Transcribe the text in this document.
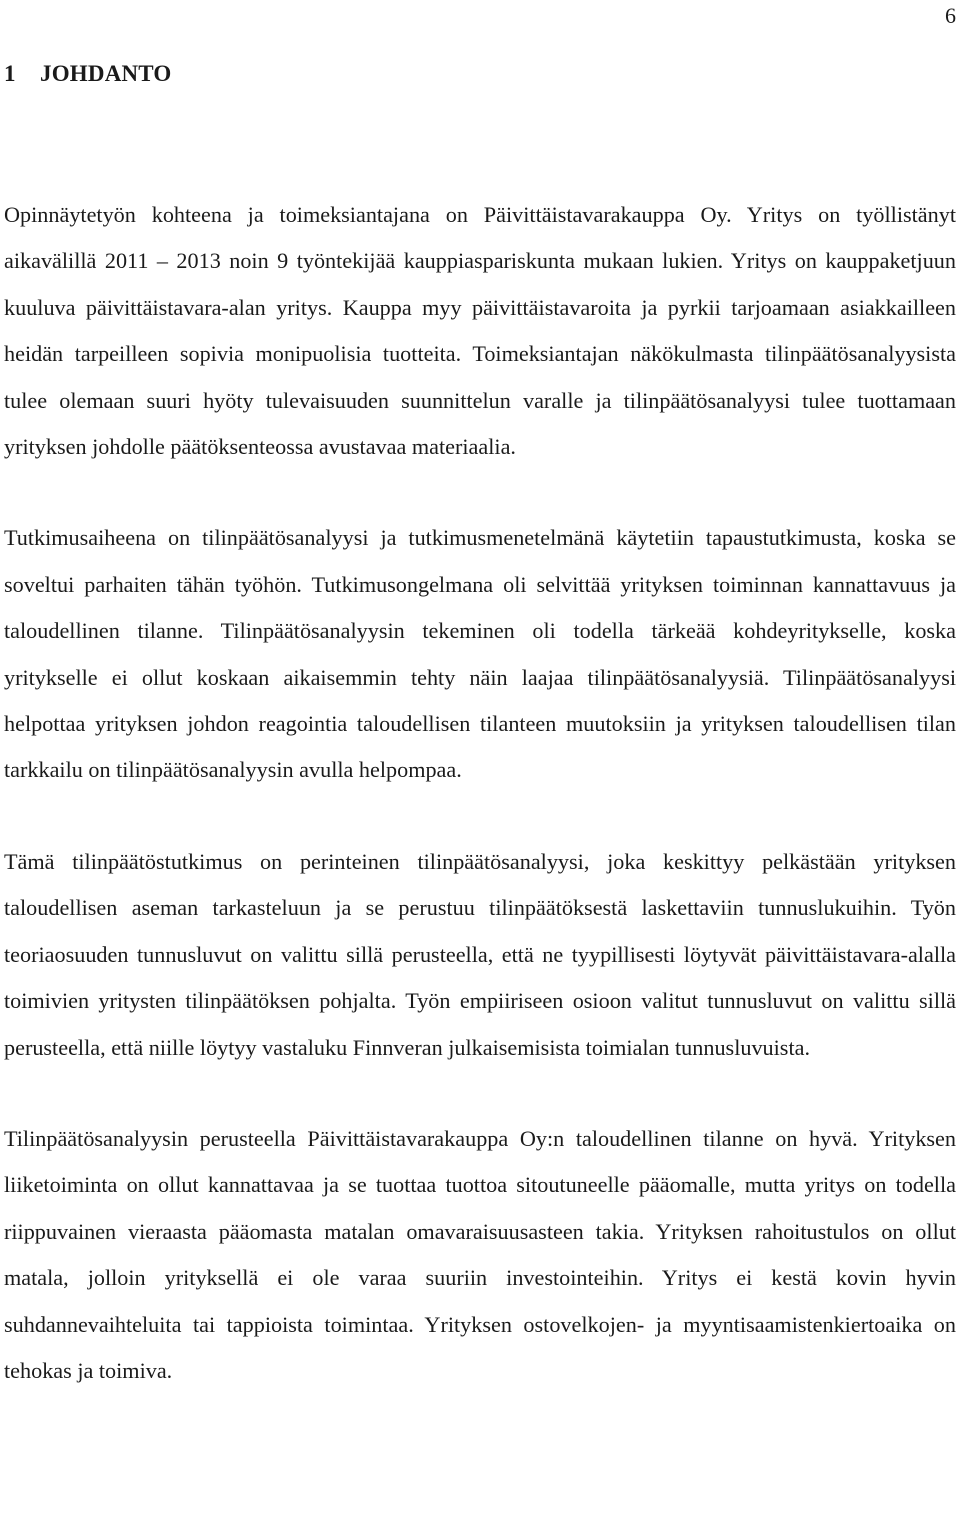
6
1 JOHDANTO

Opinnäytetyön kohteena ja toimeksiantajana on Päivittäistavarakauppa Oy. Yritys on työllistänyt aikavälillä 2011 – 2013 noin 9 työntekijää kauppiaspariskunta mukaan lukien. Yritys on kauppaketjuun kuuluva päivittäistavara-alan yritys. Kauppa myy päivittäistavaroita ja pyrkii tarjoamaan asiakkailleen heidän tarpeilleen sopivia monipuolisia tuotteita. Toimeksiantajan näkökulmasta tilinpäätösanalyysista tulee olemaan suuri hyöty tulevaisuuden suunnittelun varalle ja tilinpäätösanalyysi tulee tuottamaan yrityksen johdolle päätöksenteossa avustavaa materiaalia.

Tutkimusaiheena on tilinpäätösanalyysi ja tutkimusmenetelmänä käytetiin tapaustutkimusta, koska se soveltui parhaiten tähän työhön. Tutkimusongelmana oli selvittää yrityksen toiminnan kannattavuus ja taloudellinen tilanne. Tilinpäätösanalyysin tekeminen oli todella tärkeää kohdeyritykselle, koska yritykselle ei ollut koskaan aikaisemmin tehty näin laajaa tilinpäätösanalyysiä. Tilinpäätösanalyysi helpottaa yrityksen johdon reagointia taloudellisen tilanteen muutoksiin ja yrityksen taloudellisen tilan tarkkailu on tilinpäätösanalyysin avulla helpompaa.

Tämä tilinpäätöstutkimus on perinteinen tilinpäätösanalyysi, joka keskittyy pelkästään yrityksen taloudellisen aseman tarkasteluun ja se perustuu tilinpäätöksestä laskettaviin tunnuslukuihin. Työn teoriaosuuden tunnusluvut on valittu sillä perusteella, että ne tyypillisesti löytyvät päivittäistavara-alalla toimivien yritysten tilinpäätöksen pohjalta. Työn empiiriseen osioon valitut tunnusluvut on valittu sillä perusteella, että niille löytyy vastaluku Finnveran julkaisemisista toimialan tunnusluvuista.

Tilinpäätösanalyysin perusteella Päivittäistavarakauppa Oy:n taloudellinen tilanne on hyvä. Yrityksen liiketoiminta on ollut kannattavaa ja se tuottaa tuottoa sitoutuneelle pääomalle, mutta yritys on todella riippuvainen vieraasta pääomasta matalan omavaraisuusasteen takia. Yrityksen rahoitustulos on ollut matala, jolloin yrityksellä ei ole varaa suuriin investointeihin. Yritys ei kestä kovin hyvin suhdannevaihteluita tai tappioista toimintaa. Yrityksen ostovelkojen- ja myyntisaamistenkiertoaika on tehokas ja toimiva.
